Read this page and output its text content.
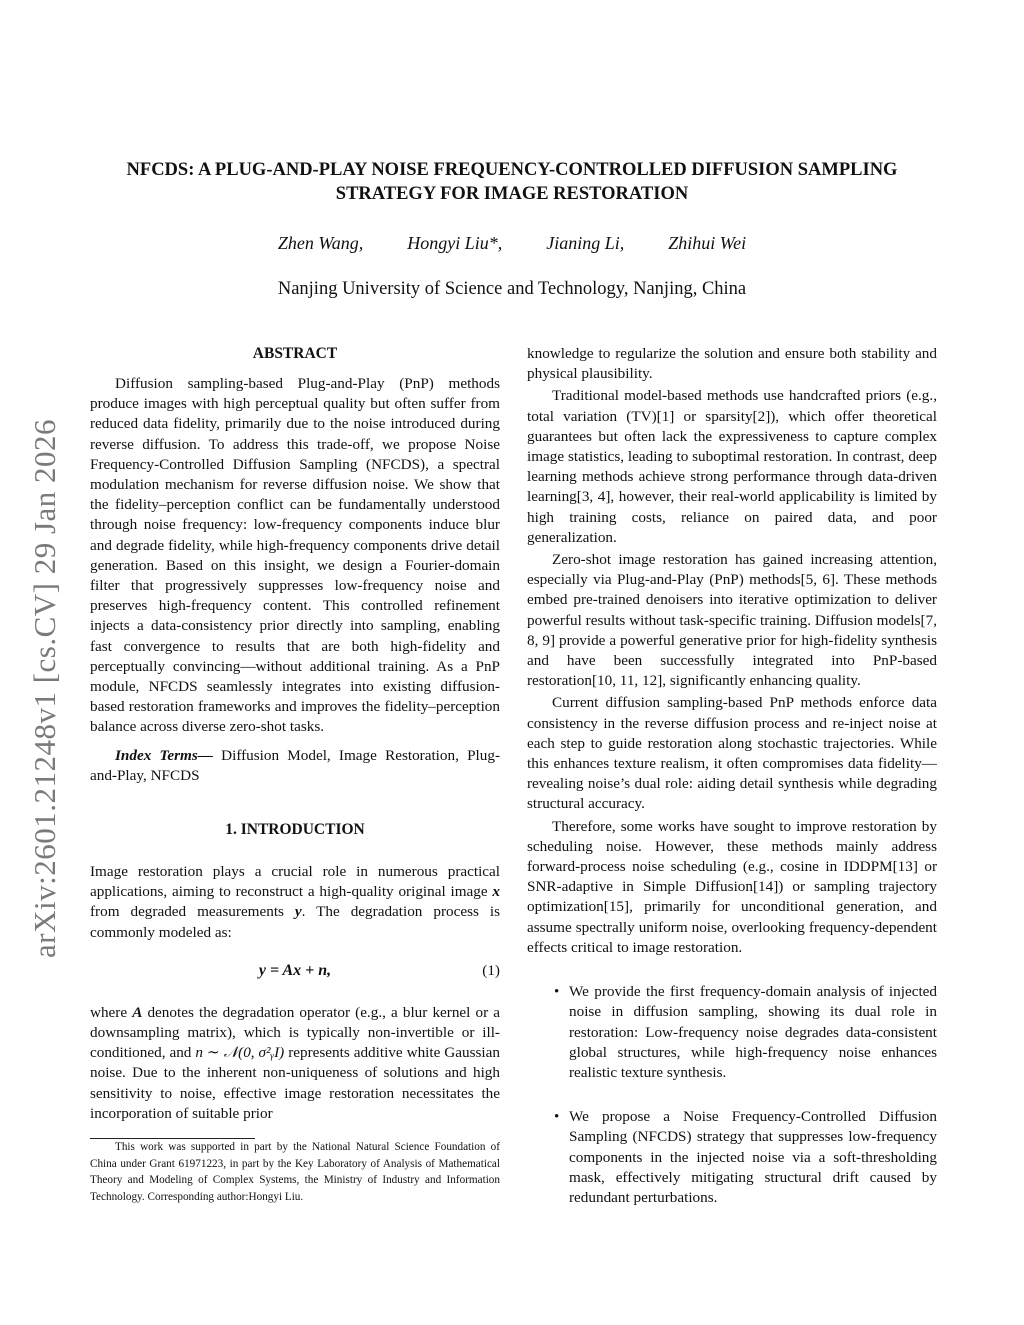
arXiv:2601.21248v1 [cs.CV] 29 Jan 2026
NFCDS: A PLUG-AND-PLAY NOISE FREQUENCY-CONTROLLED DIFFUSION SAMPLING STRATEGY FOR IMAGE RESTORATION
Zhen Wang, Hongyi Liu*, Jianing Li, Zhihui Wei
Nanjing University of Science and Technology, Nanjing, China
ABSTRACT

Diffusion sampling-based Plug-and-Play (PnP) methods produce images with high perceptual quality but often suffer from reduced data fidelity, primarily due to the noise introduced during reverse diffusion. To address this trade-off, we propose Noise Frequency-Controlled Diffusion Sampling (NFCDS), a spectral modulation mechanism for reverse diffusion noise. We show that the fidelity–perception conflict can be fundamentally understood through noise frequency: low-frequency components induce blur and degrade fidelity, while high-frequency components drive detail generation. Based on this insight, we design a Fourier-domain filter that progressively suppresses low-frequency noise and preserves high-frequency content. This controlled refinement injects a data-consistency prior directly into sampling, enabling fast convergence to results that are both high-fidelity and perceptually convincing—without additional training. As a PnP module, NFCDS seamlessly integrates into existing diffusion-based restoration frameworks and improves the fidelity–perception balance across diverse zero-shot tasks.

Index Terms— Diffusion Model, Image Restoration, Plug-and-Play, NFCDS

1. INTRODUCTION

Image restoration plays a crucial role in numerous practical applications, aiming to reconstruct a high-quality original image x from degraded measurements y. The degradation process is commonly modeled as:

y = Ax + n,	(1)

where A denotes the degradation operator (e.g., a blur kernel or a downsampling matrix), which is typically non-invertible or ill-conditioned, and n ∼ 𝒩(0, σ²ᵧI) represents additive white Gaussian noise. Due to the inherent non-uniqueness of solutions and high sensitivity to noise, effective image restoration necessitates the incorporation of suitable prior

This work was supported in part by the National Natural Science Foundation of China under Grant 61971223, in part by the Key Laboratory of Analysis of Mathematical Theory and Modeling of Complex Systems, the Ministry of Industry and Information Technology. Corresponding author:Hongyi Liu.

knowledge to regularize the solution and ensure both stability and physical plausibility.

Traditional model-based methods use handcrafted priors (e.g., total variation (TV)[1] or sparsity[2]), which offer theoretical guarantees but often lack the expressiveness to capture complex image statistics, leading to suboptimal restoration. In contrast, deep learning methods achieve strong performance through data-driven learning[3, 4], however, their real-world applicability is limited by high training costs, reliance on paired data, and poor generalization.

Zero-shot image restoration has gained increasing attention, especially via Plug-and-Play (PnP) methods[5, 6]. These methods embed pre-trained denoisers into iterative optimization to deliver powerful results without task-specific training. Diffusion models[7, 8, 9] provide a powerful generative prior for high-fidelity synthesis and have been successfully integrated into PnP-based restoration[10, 11, 12], significantly enhancing quality.

Current diffusion sampling-based PnP methods enforce data consistency in the reverse diffusion process and re-inject noise at each step to guide restoration along stochastic trajectories. While this enhances texture realism, it often compromises data fidelity—revealing noise’s dual role: aiding detail synthesis while degrading structural accuracy.

Therefore, some works have sought to improve restoration by scheduling noise. However, these methods mainly address forward-process noise scheduling (e.g., cosine in IDDPM[13] or SNR-adaptive in Simple Diffusion[14]) or sampling trajectory optimization[15], primarily for unconditional generation, and assume spectrally uniform noise, overlooking frequency-dependent effects critical to image restoration.

• We provide the first frequency-domain analysis of injected noise in diffusion sampling, showing its dual role in restoration: Low-frequency noise degrades data-consistent global structures, while high-frequency noise enhances realistic texture synthesis.
• We propose a Noise Frequency-Controlled Diffusion Sampling (NFCDS) strategy that suppresses low-frequency components in the injected noise via a soft-thresholding mask, effectively mitigating structural drift caused by redundant perturbations.
